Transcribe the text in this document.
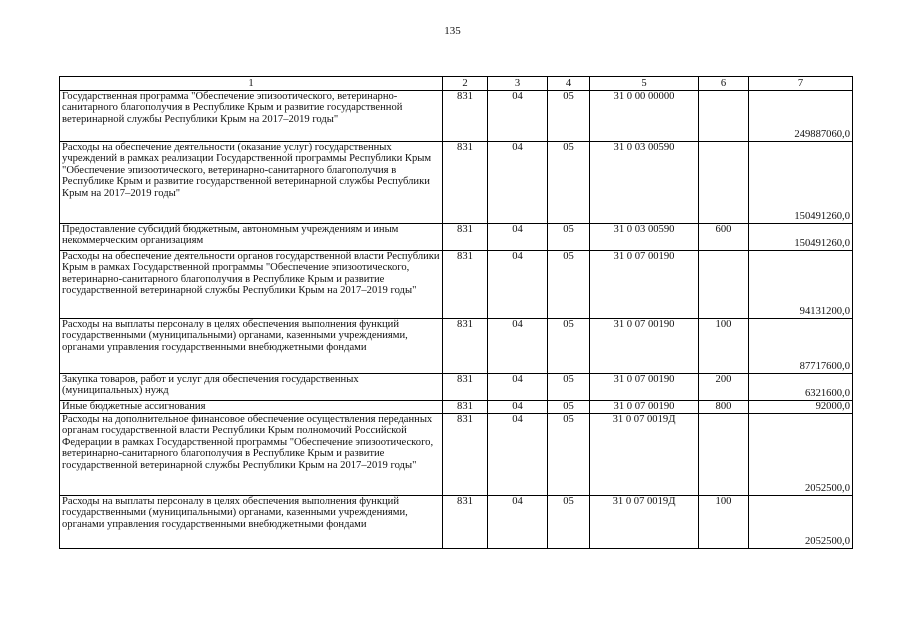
135
1	2	3	4	5	6	7
Государственная программа "Обеспечение эпизоотического, ветеринарно-санитарного благополучия в Республике Крым и развитие государственной ветеринарной службы Республики Крым на 2017–2019 годы"	831	04	05	31 0 00 00000		249887060,0
Расходы на обеспечение деятельности (оказание услуг) государственных учреждений в рамках реализации Государственной программы Республики Крым "Обеспечение эпизоотического, ветеринарно-санитарного благополучия в Республике Крым и развитие государственной ветеринарной службы Республики Крым на 2017–2019 годы"	831	04	05	31 0 03 00590		150491260,0
Предоставление субсидий бюджетным, автономным учреждениям и иным некоммерческим организациям	831	04	05	31 0 03 00590	600	150491260,0
Расходы на обеспечение деятельности органов государственной власти Республики Крым в рамках Государственной программы "Обеспечение эпизоотического, ветеринарно-санитарного благополучия в Республике Крым и развитие государственной ветеринарной службы Республики Крым на 2017–2019 годы"	831	04	05	31 0 07 00190		94131200,0
Расходы на выплаты персоналу в целях обеспечения выполнения функций государственными (муниципальными) органами, казенными учреждениями, органами управления государственными внебюджетными фондами	831	04	05	31 0 07 00190	100	87717600,0
Закупка товаров, работ и услуг для обеспечения государственных (муниципальных) нужд	831	04	05	31 0 07 00190	200	6321600,0
Иные бюджетные ассигнования	831	04	05	31 0 07 00190	800	92000,0
Расходы на дополнительное финансовое обеспечение осуществления переданных органам государственной власти Республики Крым полномочий Российской Федерации в рамках Государственной программы "Обеспечение эпизоотического, ветеринарно-санитарного благополучия в Республике Крым и развитие государственной ветеринарной службы Республики Крым на 2017–2019 годы"	831	04	05	31 0 07 0019Д		2052500,0
Расходы на выплаты персоналу в целях обеспечения выполнения функций государственными (муниципальными) органами, казенными учреждениями, органами управления государственными внебюджетными фондами	831	04	05	31 0 07 0019Д	100	2052500,0
